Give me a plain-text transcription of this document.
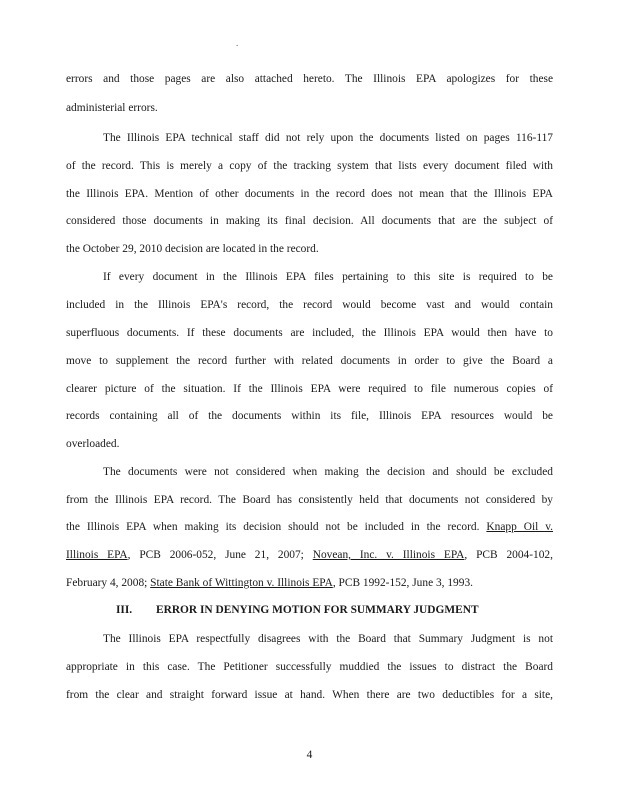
.
errors and those pages are also attached hereto. The Illinois EPA apologizes for these
administerial errors.
The Illinois EPA technical staff did not rely upon the documents listed on pages 116-117
of the record. This is merely a copy of the tracking system that lists every document filed with
the Illinois EPA. Mention of other documents in the record does not mean that the Illinois EPA
considered those documents in making its final decision. All documents that are the subject of
the October 29, 2010 decision are located in the record.
If every document in the Illinois EPA files pertaining to this site is required to be
included in the Illinois EPA's record, the record would become vast and would contain
superfluous documents. If these documents are included, the Illinois EPA would then have to
move to supplement the record further with related documents in order to give the Board a
clearer picture of the situation. If the Illinois EPA were required to file numerous copies of
records containing all of the documents within its file, Illinois EPA resources would be
overloaded.
The documents were not considered when making the decision and should be excluded
from the Illinois EPA record. The Board has consistently held that documents not considered by
the Illinois EPA when making its decision should not be included in the record. Knapp Oil v.
Illinois EPA, PCB 2006-052, June 21, 2007; Novean, Inc. v. Illinois EPA, PCB 2004-102,
February 4, 2008; State Bank of Wittington v. Illinois EPA, PCB 1992-152, June 3, 1993.
III. ERROR IN DENYING MOTION FOR SUMMARY JUDGMENT
The Illinois EPA respectfully disagrees with the Board that Summary Judgment is not
appropriate in this case. The Petitioner successfully muddied the issues to distract the Board
from the clear and straight forward issue at hand. When there are two deductibles for a site,
4
